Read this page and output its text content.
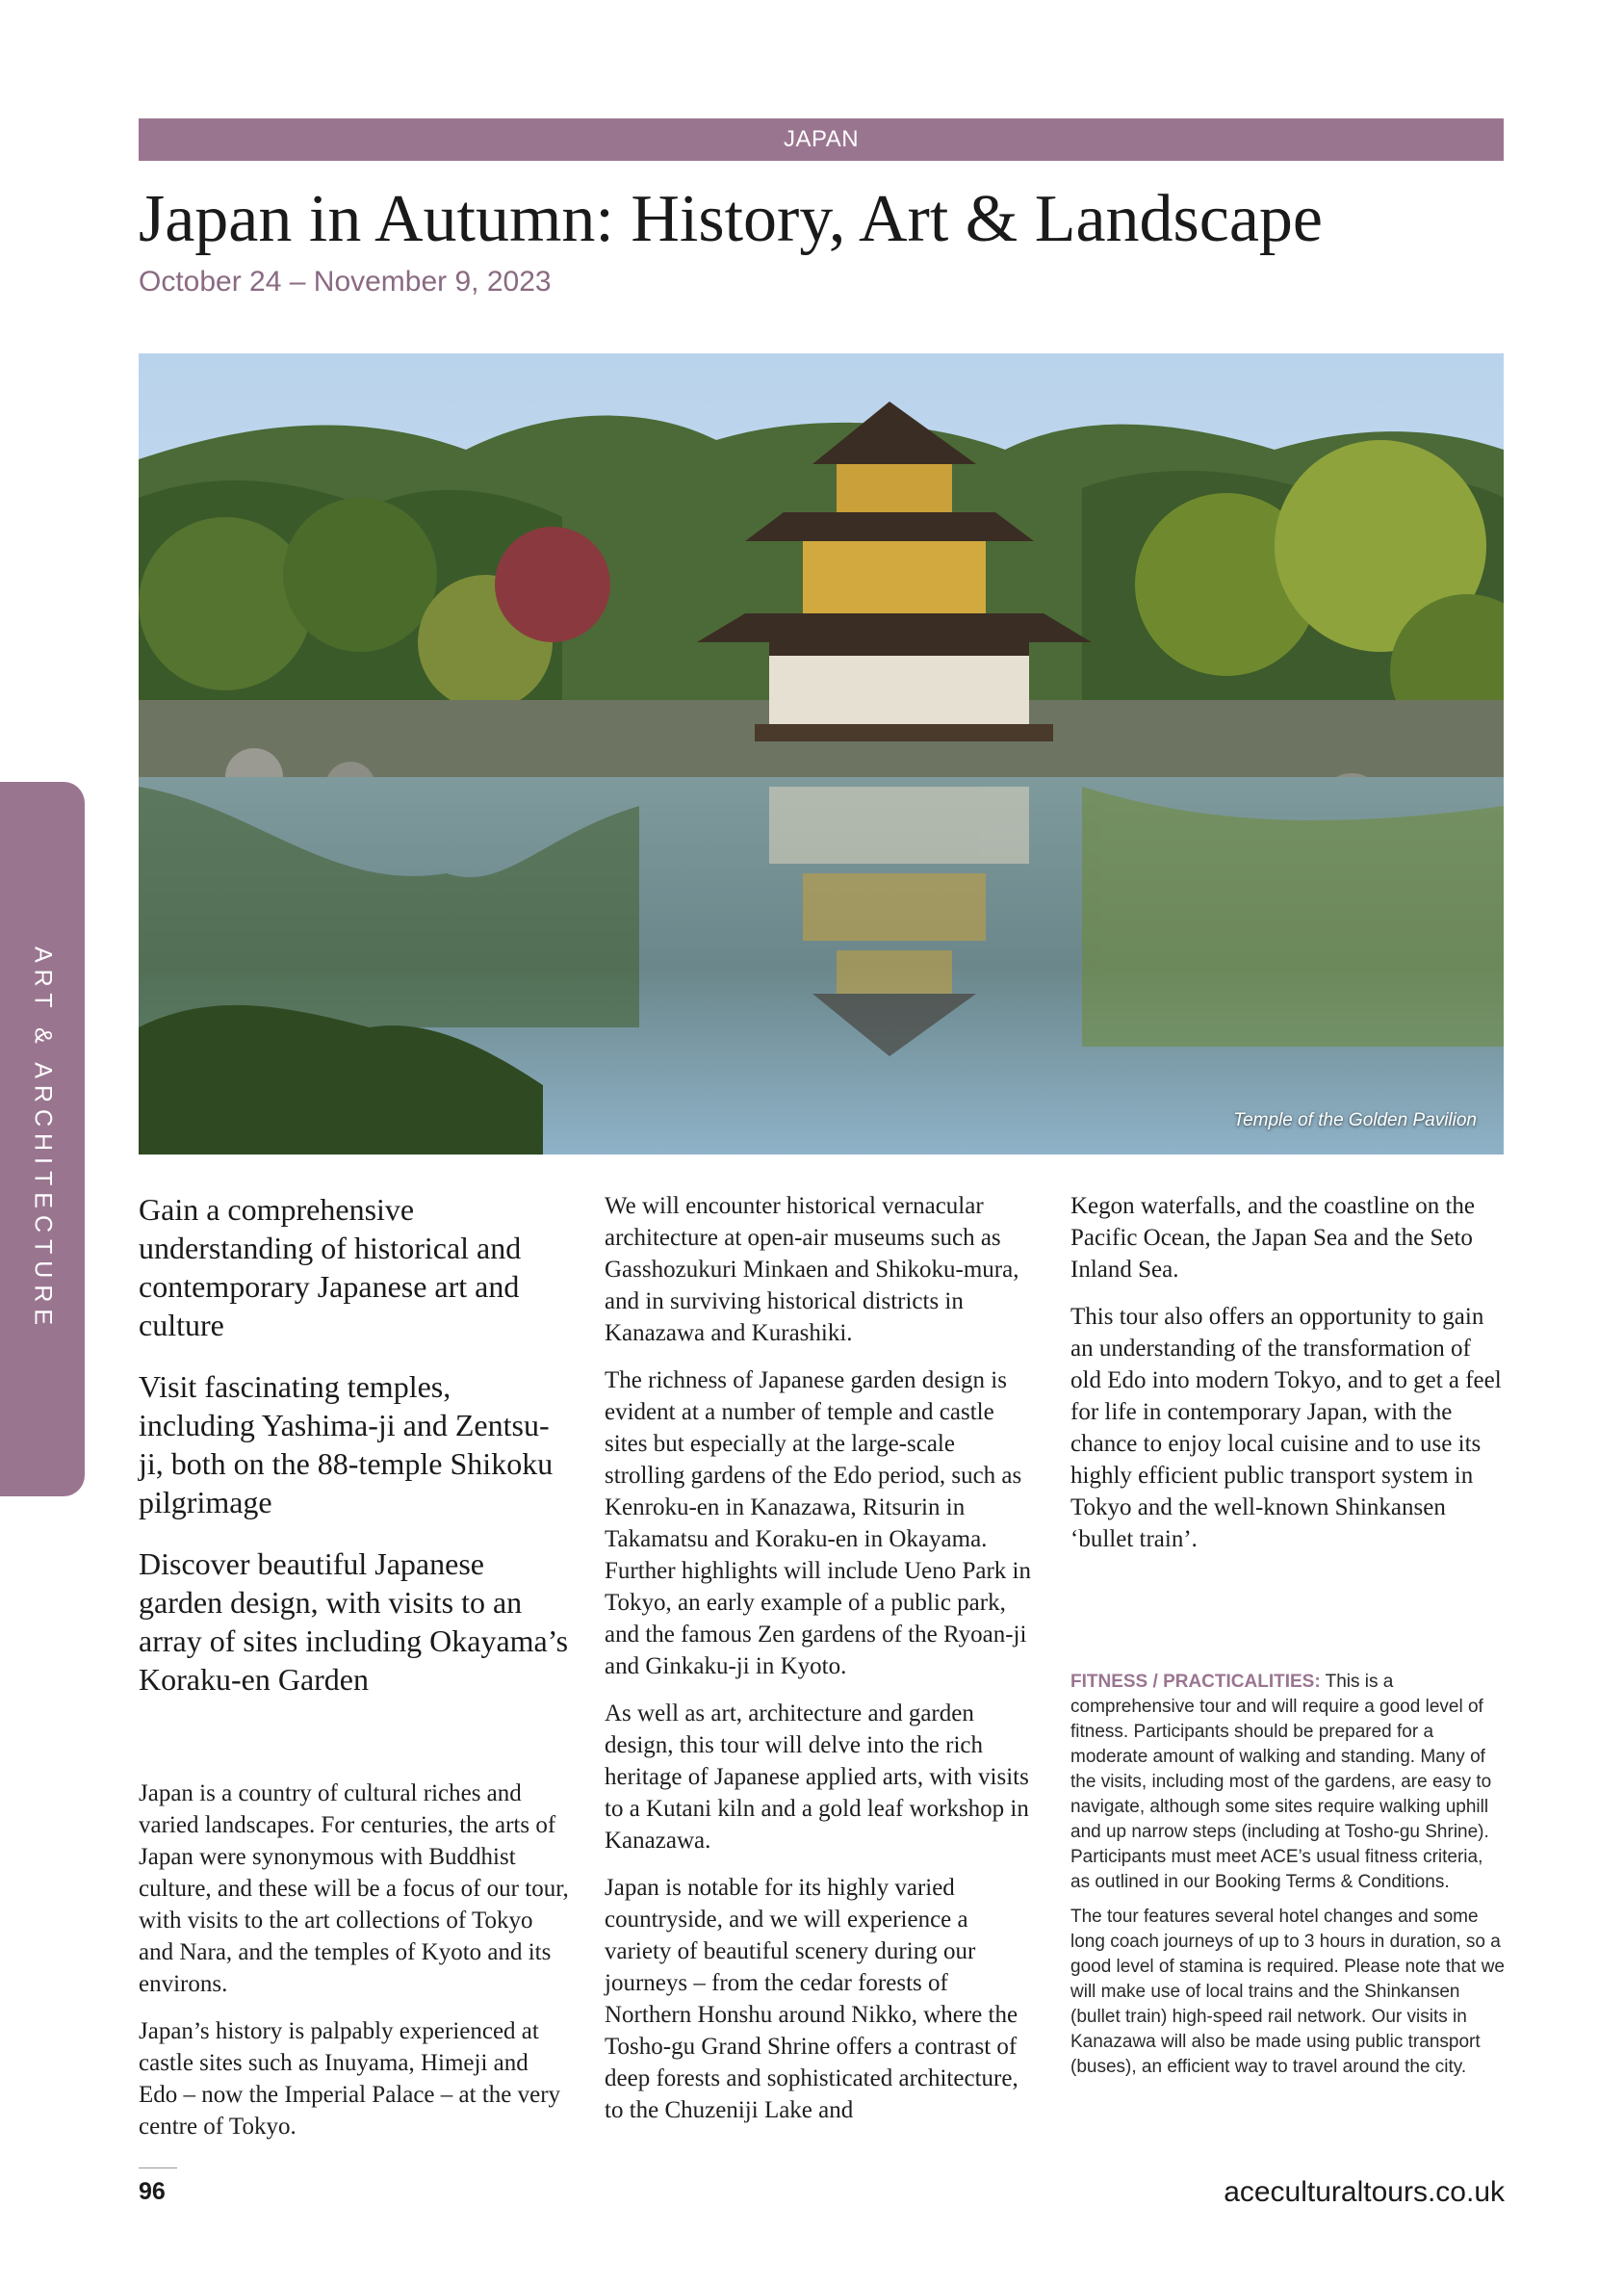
JAPAN
Japan in Autumn: History, Art & Landscape
October 24 – November 9, 2023
ART & ARCHITECTURE	Temple of the Golden Pavilion

Gain a comprehensive understanding of historical and contemporary Japanese art and culture

Visit fascinating temples, including Yashima-ji and Zentsu-ji, both on the 88-temple Shikoku pilgrimage

Discover beautiful Japanese garden design, with visits to an array of sites including Okayama’s Koraku-en Garden

Japan is a country of cultural riches and varied landscapes. For centuries, the arts of Japan were synonymous with Buddhist culture, and these will be a focus of our tour, with visits to the art collections of Tokyo and Nara, and the temples of Kyoto and its environs.

Japan’s history is palpably experienced at castle sites such as Inuyama, Himeji and Edo – now the Imperial Palace – at the very centre of Tokyo.

We will encounter historical vernacular architecture at open-air museums such as Gasshozukuri Minkaen and Shikoku-mura, and in surviving historical districts in Kanazawa and Kurashiki.

The richness of Japanese garden design is evident at a number of temple and castle sites but especially at the large-scale strolling gardens of the Edo period, such as Kenroku-en in Kanazawa, Ritsurin in Takamatsu and Koraku-en in Okayama. Further highlights will include Ueno Park in Tokyo, an early example of a public park, and the famous Zen gardens of the Ryoan-ji and Ginkaku-ji in Kyoto.

As well as art, architecture and garden design, this tour will delve into the rich heritage of Japanese applied arts, with visits to a Kutani kiln and a gold leaf workshop in Kanazawa.

Japan is notable for its highly varied countryside, and we will experience a variety of beautiful scenery during our journeys – from the cedar forests of Northern Honshu around Nikko, where the Tosho-gu Grand Shrine offers a contrast of deep forests and sophisticated architecture, to the Chuzeniji Lake and

Kegon waterfalls, and the coastline on the Pacific Ocean, the Japan Sea and the Seto Inland Sea.

This tour also offers an opportunity to gain an understanding of the transformation of old Edo into modern Tokyo, and to get a feel for life in contemporary Japan, with the chance to enjoy local cuisine and to use its highly efficient public transport system in Tokyo and the well-known Shinkansen ‘bullet train’.

FITNESS / PRACTICALITIES: This is a comprehensive tour and will require a good level of fitness. Participants should be prepared for a moderate amount of walking and standing. Many of the visits, including most of the gardens, are easy to navigate, although some sites require walking uphill and up narrow steps (including at Tosho-gu Shrine). Participants must meet ACE’s usual fitness criteria, as outlined in our Booking Terms & Conditions.

The tour features several hotel changes and some long coach journeys of up to 3 hours in duration, so a good level of stamina is required. Please note that we will make use of local trains and the Shinkansen (bullet train) high-speed rail network. Our visits in Kanazawa will also be made using public transport (buses), an efficient way to travel around the city.

96	aceculturaltours.co.uk
